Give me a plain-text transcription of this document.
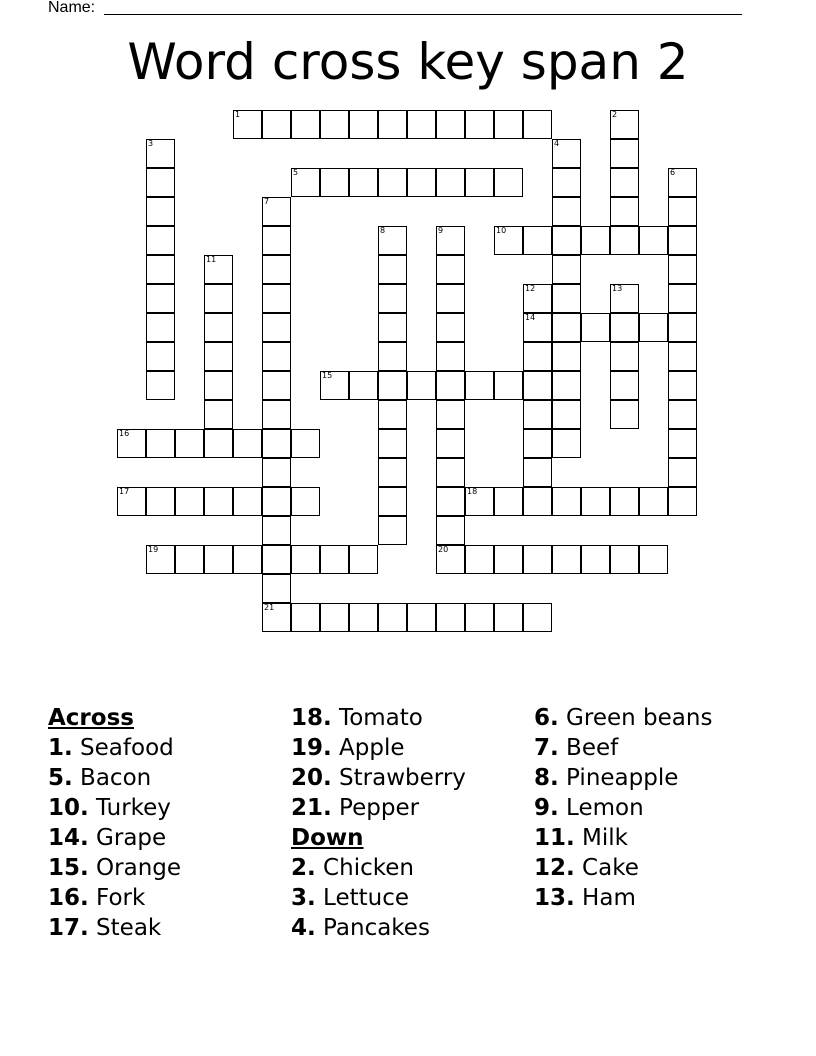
Name:
Word cross key span 2
1	2
3	4
5	6
7
8	9	10
11
12
14
13
15
16
17	18
19	20
21
Across
1. Seafood
5. Bacon
10. Turkey
14. Grape
15. Orange
16. Fork
17. Steak
18. Tomato
19. Apple
20. Strawberry
21. Pepper
Down
2. Chicken
3. Lettuce
4. Pancakes
6. Green beans
7. Beef
8. Pineapple
9. Lemon
11. Milk
12. Cake
13. Ham
